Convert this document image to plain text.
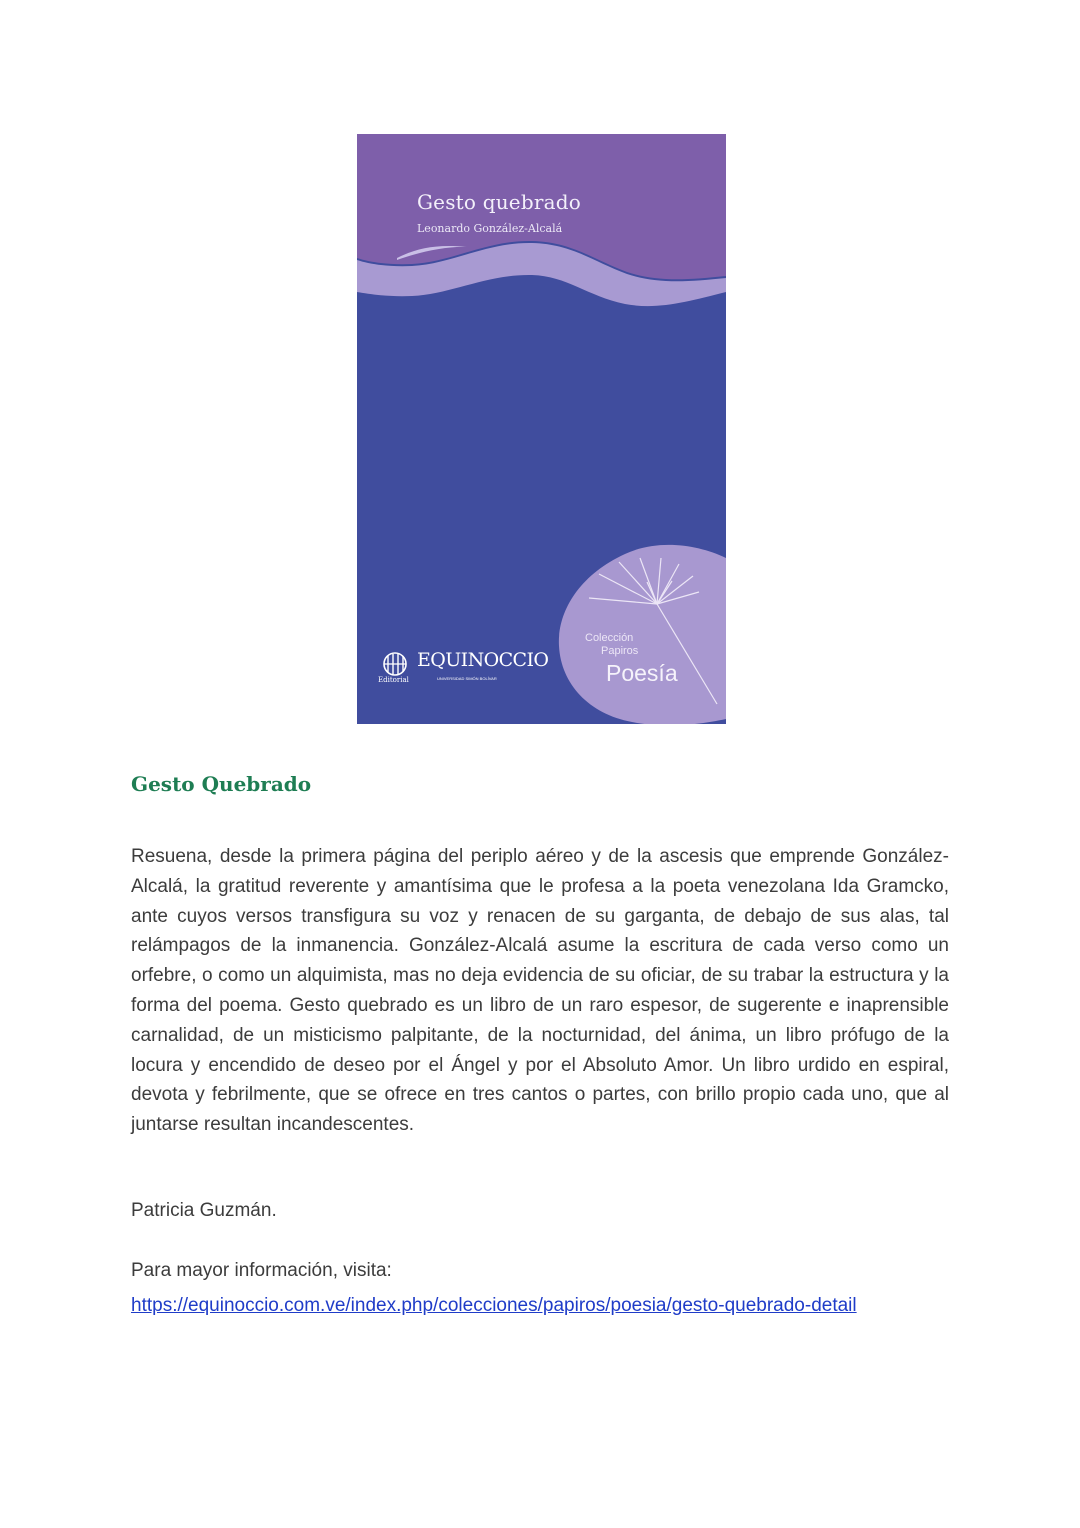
Gesto quebrado
Leonardo González-Alcalá
EQUINOCCIO
Editorial	UNIVERSIDAD SIMÓN BOLÍVAR
Colección
Papiros
Poesía
Gesto Quebrado

Resuena, desde la primera página del periplo aéreo y de la ascesis que emprende González-Alcalá, la gratitud reverente y amantísima que le profesa a la poeta venezolana Ida Gramcko, ante cuyos versos transfigura su voz y renacen de su garganta, de debajo de sus alas, tal relámpagos de la inmanencia. González-Alcalá asume la escritura de cada verso como un orfebre, o como un alquimista, mas no deja evidencia de su oficiar, de su trabar la estructura y la forma del poema. Gesto quebrado es un libro de un raro espesor, de sugerente e inaprensible carnalidad, de un misticismo palpitante, de la nocturnidad, del ánima, un libro prófugo de la locura y encendido de deseo por el Ángel y por el Absoluto Amor. Un libro urdido en espiral, devota y febrilmente, que se ofrece en tres cantos o partes, con brillo propio cada uno, que al juntarse resultan incandescentes.

Patricia Guzmán.

Para mayor información, visita:

https://equinoccio.com.ve/index.php/colecciones/papiros/poesia/gesto-quebrado-detail
